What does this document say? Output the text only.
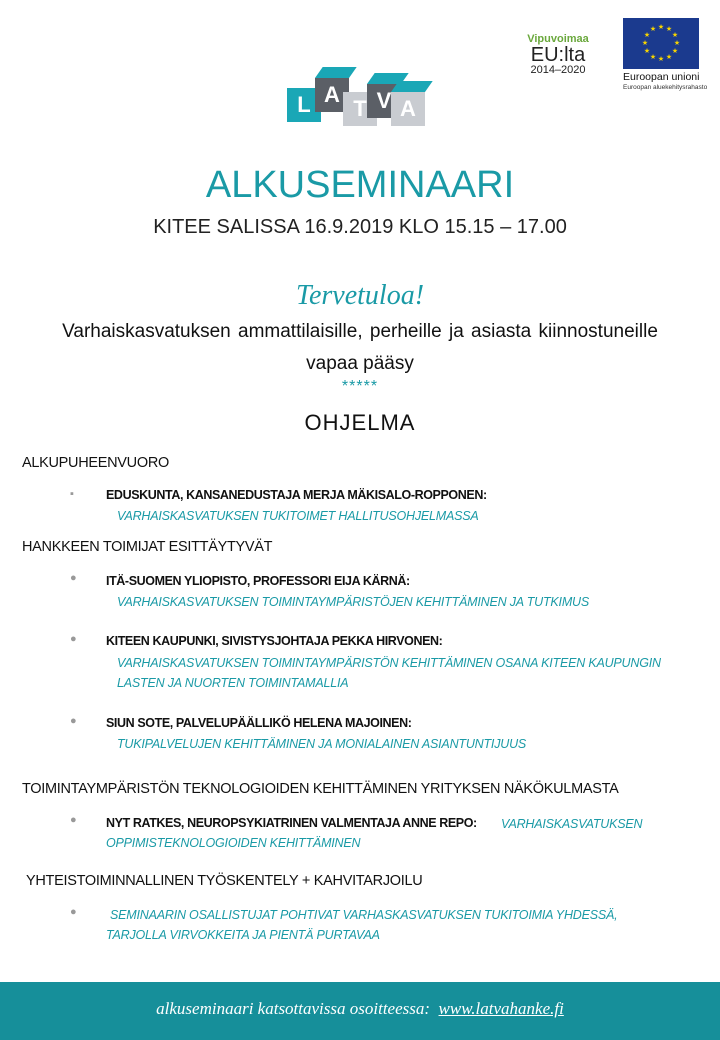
L A
T V A
Vipuvoimaa
EU:lta
2014–2020
★ ★
★
★
★
★
★
★
★
★
★
★
Euroopan unioni
Euroopan aluekehitysrahasto
ALKUSEMINAARI
KITEE SALISSA 16.9.2019 KLO 15.15 – 17.00
Tervetuloa!
Varhaiskasvatuksen ammattilaisille, perheille ja asiasta kiinnostuneille
vapaa pääsy
*****
OHJELMA
ALKUPUHEENVUORO
▪	EDUSKUNTA, KANSANEDUSTAJA MERJA MÄKISALO-ROPPONEN:
VARHAISKASVATUKSEN TUKITOIMET HALLITUSOHJELMASSA
HANKKEEN TOIMIJAT ESITTÄYTYVÄT
● ITÄ-SUOMEN YLIOPISTO, PROFESSORI EIJA KÄRNÄ:
VARHAISKASVATUKSEN TOIMINTAYMPÄRISTÖJEN KEHITTÄMINEN JA TUTKIMUS
● KITEEN KAUPUNKI, SIVISTYSJOHTAJA PEKKA HIRVONEN:
VARHAISKASVATUKSEN TOIMINTAYMPÄRISTÖN KEHITTÄMINEN OSANA KITEEN KAUPUNGIN
LASTEN JA NUORTEN TOIMINTAMALLIA
● SIUN SOTE, PALVELUPÄÄLLIKÖ HELENA MAJOINEN:
TUKIPALVELUJEN KEHITTÄMINEN JA MONIALAINEN ASIANTUNTIJUUS
TOIMINTAYMPÄRISTÖN TEKNOLOGIOIDEN KEHITTÄMINEN YRITYKSEN NÄKÖKULMASTA
● NYT RATKES, NEUROPSYKIATRINEN VALMENTAJA ANNE REPO: VARHAISKASVATUKSEN
OPPIMISTEKNOLOGIOIDEN KEHITTÄMINEN
YHTEISTOIMINNALLINEN TYÖSKENTELY + KAHVITARJOILU
●	SEMINAARIN OSALLISTUJAT POHTIVAT VARHASKASVATUKSEN TUKITOIMIA YHDESSÄ,
TARJOLLA VIRVOKKEITA JA PIENTÄ PURTAVAA
alkuseminaari katsottavissa osoitteessa: www.latvahanke.fi
